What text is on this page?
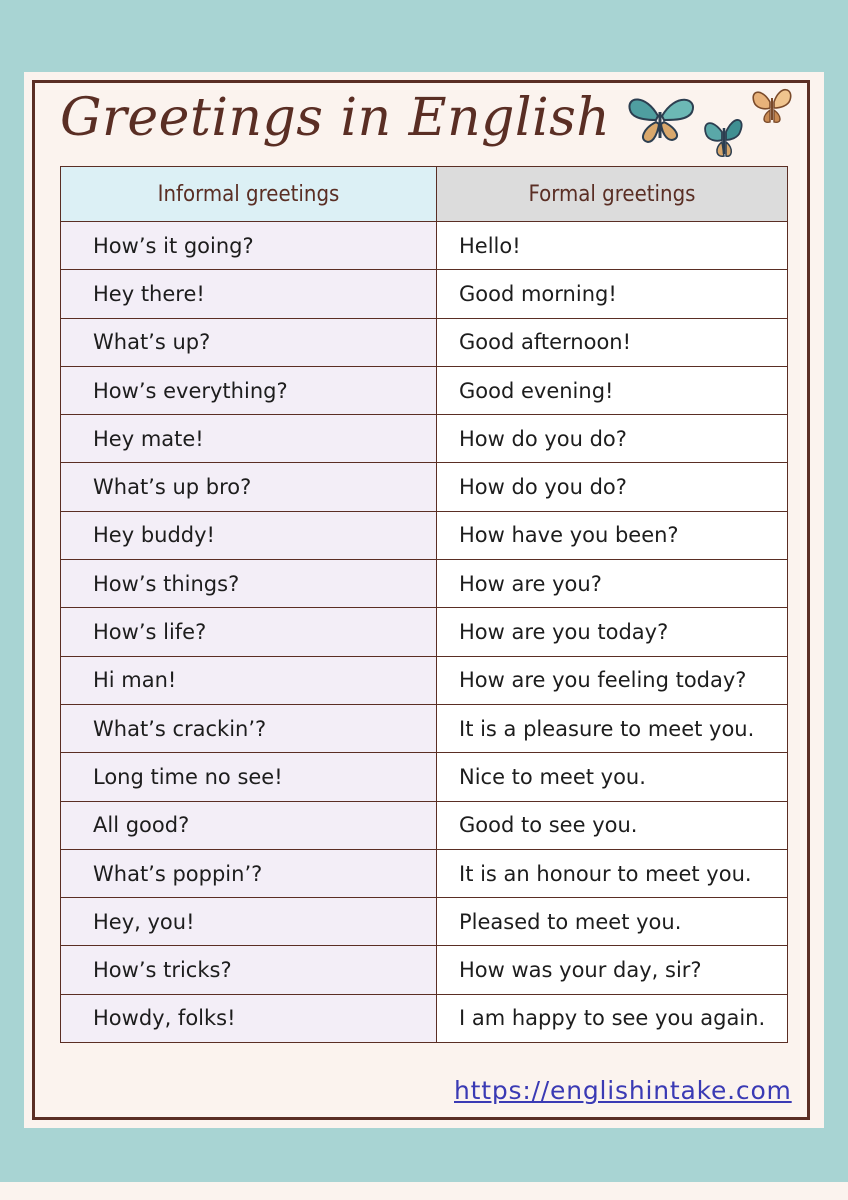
Greetings in English
Informal greetings	Formal greetings
How’s it going?	Hello!
Hey there!	Good morning!
What’s up?	Good afternoon!
How’s everything?	Good evening!
Hey mate!	How do you do?
What’s up bro?	How do you do?
Hey buddy!	How have you been?
How’s things?	How are you?
How’s life?	How are you today?
Hi man!	How are you feeling today?
What’s crackin’?	It is a pleasure to meet you.
Long time no see!	Nice to meet you.
All good?	Good to see you.
What’s poppin’?	It is an honour to meet you.
Hey, you!	Pleased to meet you.
How’s tricks?	How was your day, sir?
Howdy, folks!	I am happy to see you again.
https://englishintake.com
